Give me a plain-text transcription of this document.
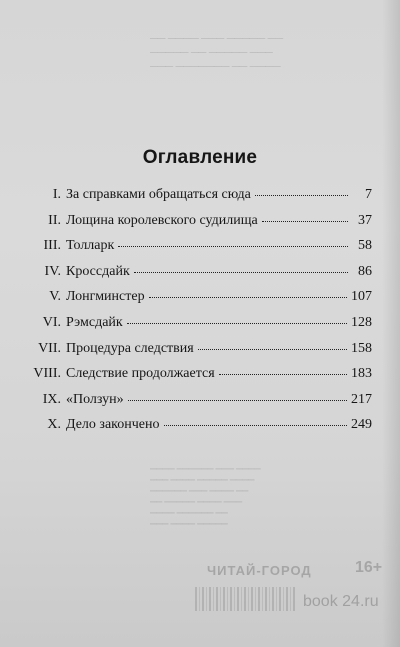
▔▔ ▔▔▔▔ ▔▔▔ ▔▔▔▔▔ ▔▔
▔▔▔▔▔ ▔▔ ▔▔▔▔▔ ▔▔▔
▔▔▔ ▔▔▔▔▔▔▔ ▔▔ ▔▔▔▔
Оглавление
I. За справками обращаться сюда	7
II. Лощина королевского судилища	37
III. Толларк	58
IV. Кроссдайк	86
V. Лонгминстер	107
VI. Рэмсдайк	128
VII. Процедура следствия	158
VIII. Следствие продолжается	183
IX. «Ползун»	217
X. Дело закончено	249
▔▔▔▔ ▔▔▔▔▔▔ ▔▔▔ ▔▔▔▔
▔▔▔ ▔▔▔▔ ▔▔▔▔▔ ▔▔▔▔
▔▔▔▔▔▔ ▔▔▔ ▔▔▔▔ ▔▔
▔▔ ▔▔▔▔▔ ▔▔▔▔ ▔▔▔
▔▔▔▔ ▔▔▔▔▔▔ ▔▔
▔▔▔ ▔▔▔▔ ▔▔▔▔▔
ЧИТАЙ-ГОРОД	16+
book 24.ru
